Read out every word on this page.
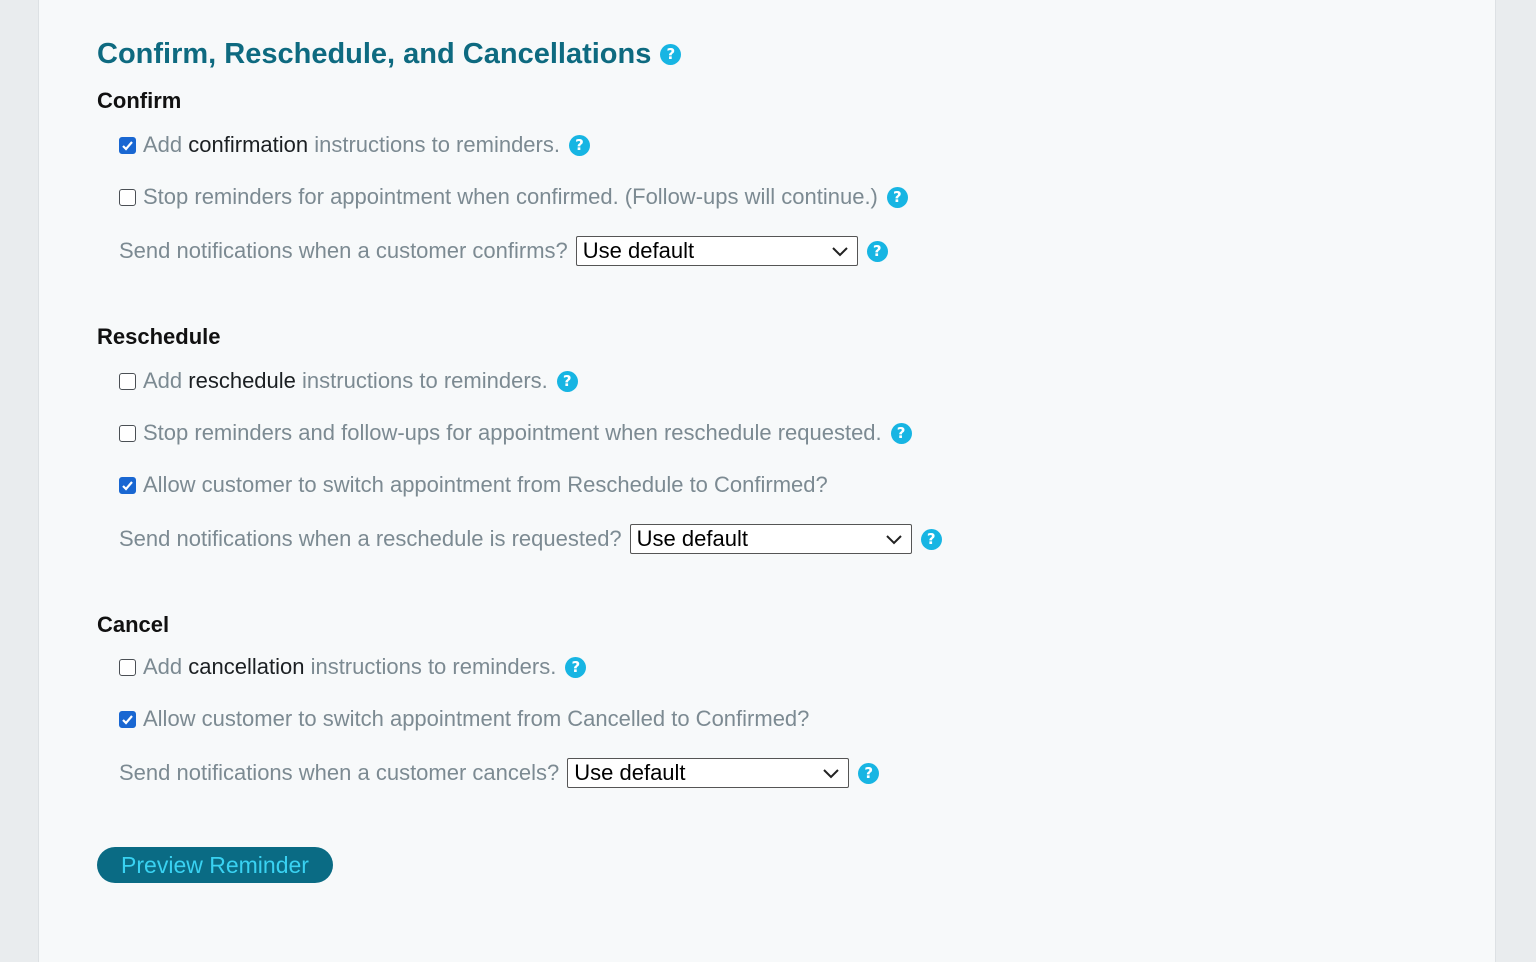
Confirm, Reschedule, and Cancellations	?
Confirm
Add confirmation instructions to reminders.	?
Stop reminders for appointment when confirmed. (Follow-ups will continue.)	?
Send notifications when a customer confirms? Use default	?
Reschedule
Add reschedule instructions to reminders.	?
Stop reminders and follow-ups for appointment when reschedule requested.	?
Allow customer to switch appointment from Reschedule to Confirmed?
Send notifications when a reschedule is requested? Use default	?
Cancel
Add cancellation instructions to reminders.	?
Allow customer to switch appointment from Cancelled to Confirmed?
Send notifications when a customer cancels? Use default	?
Preview Reminder
